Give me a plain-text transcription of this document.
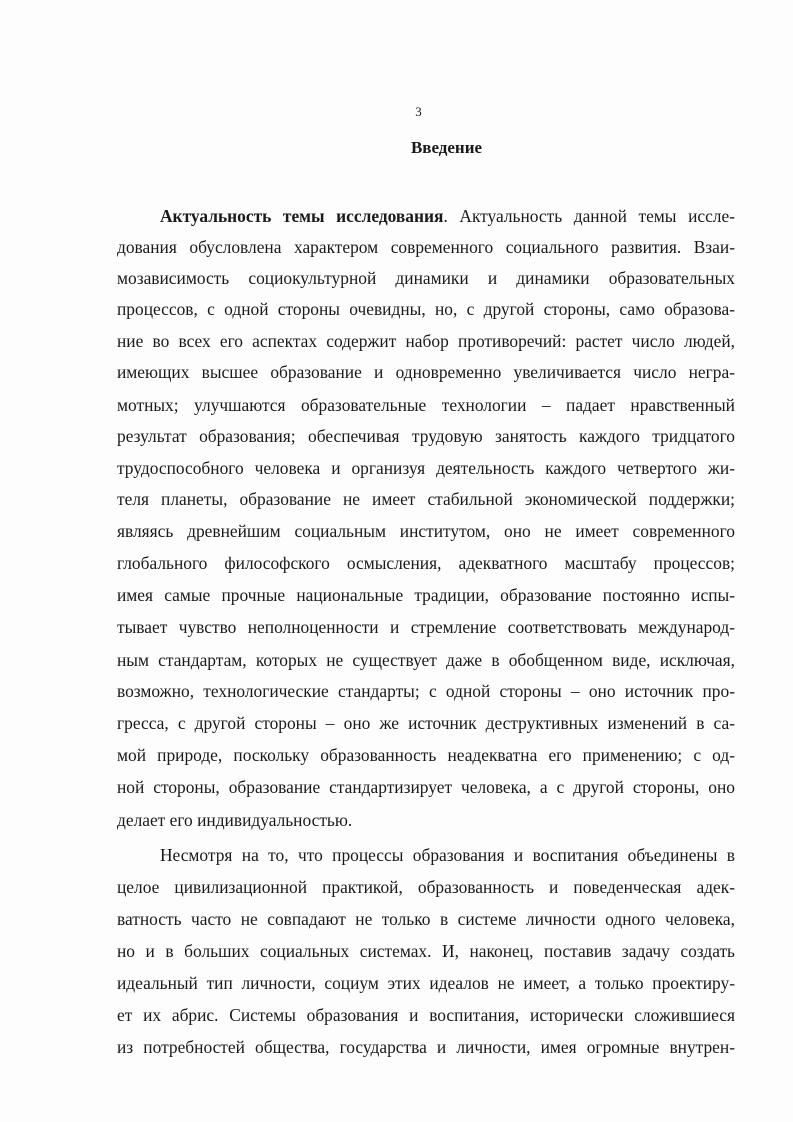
3
Введение
Актуальность темы исследования. Актуальность данной темы иссле-
дования обусловлена характером современного социального развития. Взаи-
мозависимость социокультурной динамики и динамики образовательных
процессов, с одной стороны очевидны, но, с другой стороны, само образова-
ние во всех его аспектах содержит набор противоречий: растет число людей,
имеющих высшее образование и одновременно увеличивается число негра-
мотных; улучшаются образовательные технологии – падает нравственный
результат образования; обеспечивая трудовую занятость каждого тридцатого
трудоспособного человека и организуя деятельность каждого четвертого жи-
теля планеты, образование не имеет стабильной экономической поддержки;
являясь древнейшим социальным институтом, оно не имеет современного
глобального философского осмысления, адекватного масштабу процессов;
имея самые прочные национальные традиции, образование постоянно испы-
тывает чувство неполноценности и стремление соответствовать международ-
ным стандартам, которых не существует даже в обобщенном виде, исключая,
возможно, технологические стандарты; с одной стороны – оно источник про-
гресса, с другой стороны – оно же источник деструктивных изменений в са-
мой природе, поскольку образованность неадекватна его применению; с од-
ной стороны, образование стандартизирует человека, а с другой стороны, оно
делает его индивидуальностью.
Несмотря на то, что процессы образования и воспитания объединены в
целое цивилизационной практикой, образованность и поведенческая адек-
ватность часто не совпадают не только в системе личности одного человека,
но и в больших социальных системах. И, наконец, поставив задачу создать
идеальный тип личности, социум этих идеалов не имеет, а только проектиру-
ет их абрис. Системы образования и воспитания, исторически сложившиеся
из потребностей общества, государства и личности, имея огромные внутрен-
